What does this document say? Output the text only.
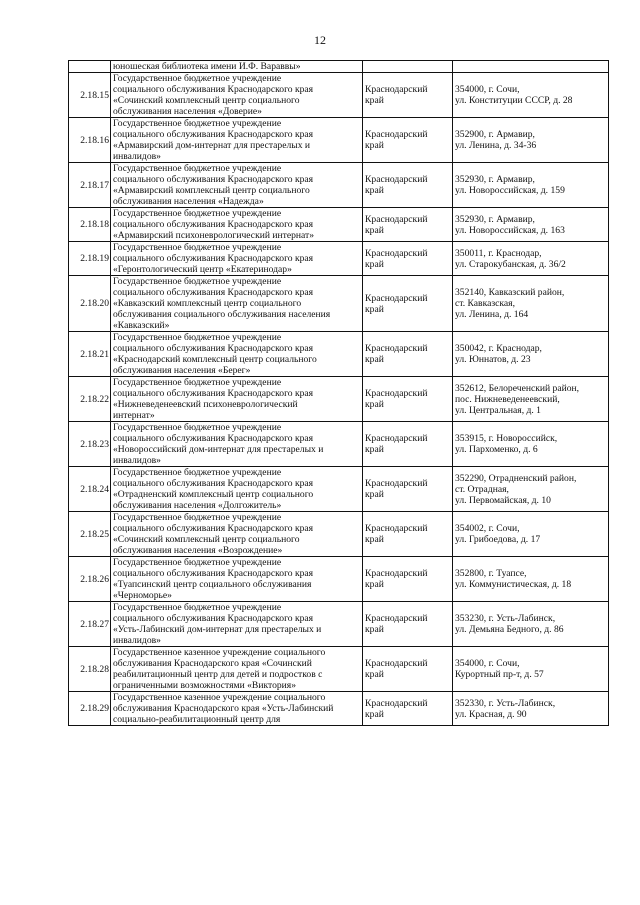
12

	юношеская библиотека имени И.Ф. Вараввы»		

2.18.15	Государственное бюджетное учреждение
социального обслуживания Краснодарского края
«Сочинский комплексный центр социального
обслуживания населения «Доверие»	Краснодарский
край	354000, г. Сочи,
ул. Конституции СССР, д. 28

2.18.16	Государственное бюджетное учреждение
социального обслуживания Краснодарского края
«Армавирский дом-интернат для престарелых и
инвалидов»	Краснодарский
край	352900, г. Армавир,
ул. Ленина, д. 34-36

2.18.17	Государственное бюджетное учреждение
социального обслуживания Краснодарского края
«Армавирский комплексный центр социального
обслуживания населения «Надежда»	Краснодарский
край	352930, г. Армавир,
ул. Новороссийская, д. 159

2.18.18	Государственное бюджетное учреждение
социального обслуживания Краснодарского края
«Армавирский психоневрологический интернат»	Краснодарский
край	352930, г. Армавир,
ул. Новороссийская, д. 163

2.18.19	Государственное бюджетное учреждение
социального обслуживания Краснодарского края
«Геронтологический центр «Екатеринодар»	Краснодарский
край	350011, г. Краснодар,
ул. Старокубанская, д. 36/2

2.18.20	Государственное бюджетное учреждение
социального обслуживания Краснодарского края
«Кавказский комплексный центр социального
обслуживания социального обслуживания населения
«Кавказский»	Краснодарский
край	352140, Кавказский район,
ст. Кавказская,
ул. Ленина, д. 164

2.18.21	Государственное бюджетное учреждение
социального обслуживания Краснодарского края
«Краснодарский комплексный центр социального
обслуживания населения «Берег»	Краснодарский
край	350042, г. Краснодар,
ул. Юннатов, д. 23

2.18.22	Государственное бюджетное учреждение
социального обслуживания Краснодарского края
«Нижневеденеевский психоневрологический
интернат»	Краснодарский
край	352612, Белореченский район,
пос. Нижневеденеевский,
ул. Центральная, д. 1

2.18.23	Государственное бюджетное учреждение
социального обслуживания Краснодарского края
«Новороссийский дом-интернат для престарелых и
инвалидов»	Краснодарский
край	353915, г. Новороссийск,
ул. Пархоменко, д. 6

2.18.24	Государственное бюджетное учреждение
социального обслуживания Краснодарского края
«Отрадненский комплексный центр социального
обслуживания населения «Долгожитель»	Краснодарский
край	352290, Отрадненский район,
ст. Отрадная,
ул. Первомайская, д. 10

2.18.25	Государственное бюджетное учреждение
социального обслуживания Краснодарского края
«Сочинский комплексный центр социального
обслуживания населения «Возрождение»	Краснодарский
край	354002, г. Сочи,
ул. Грибоедова, д. 17

2.18.26	Государственное бюджетное учреждение
социального обслуживания Краснодарского края
«Туапсинский центр социального обслуживания
«Черноморье»	Краснодарский
край	352800, г. Туапсе,
ул. Коммунистическая, д. 18

2.18.27	Государственное бюджетное учреждение
социального обслуживания Краснодарского края
«Усть-Лабинский дом-интернат для престарелых и
инвалидов»	Краснодарский
край	353230, г. Усть-Лабинск,
ул. Демьяна Бедного, д. 86

2.18.28	Государственное казенное учреждение социального
обслуживания Краснодарского края «Сочинский
реабилитационный центр для детей и подростков с
ограниченными возможностями «Виктория»	Краснодарский
край	354000, г. Сочи,
Курортный пр-т, д. 57

2.18.29	Государственное казенное учреждение социального
обслуживания Краснодарского края «Усть-Лабинский
социально-реабилитационный центр для	Краснодарский
край	352330, г. Усть-Лабинск,
ул. Красная, д. 90
